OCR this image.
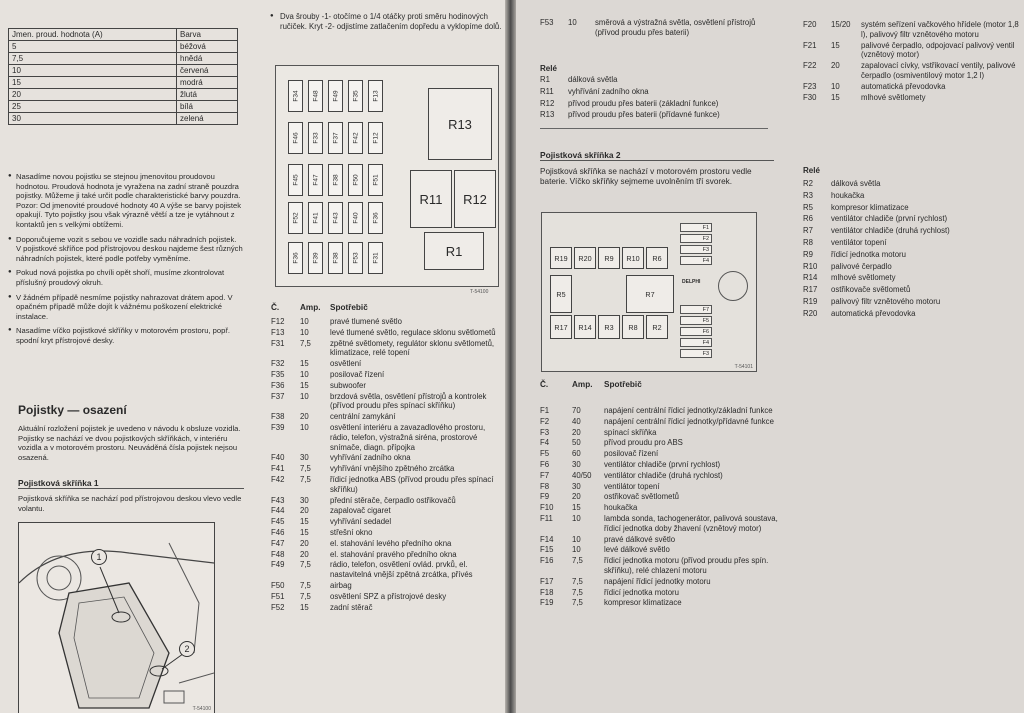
Jmen. proud. hodnota (A)	Barva
5	béžová
7,5	hnědá
10	červená
15	modrá
20	žlutá
25	bílá
30	zelená

● Nasadíme novou pojistku se stejnou jmenovitou proudovou hodnotou. Proudová hodnota je vyražena na zadní straně pouzdra pojistky. Můžeme ji také určit podle charakteristické barvy pouzdra. Pozor: Od jmenovité proudové hodnoty 40 A výše se barvy pojistek opakují. Tyto pojistky jsou však výrazně větší a tze je vytáhnout z kontaktů jen s velkými obtížemi.

● Doporučujeme vozit s sebou ve vozidle sadu náhradních pojistek. V pojistkové skříňce pod přístrojovou deskou najdeme šest různých náhradních pojistek, které podle potřeby vyměníme.

● Pokud nová pojistka po chvíli opět shoří, musíme zkontrolovat příslušný proudový okruh.

● V žádném případě nesmíme pojistky nahrazovat drátem apod. V opačném případě může dojít k vážnému poškození elektrické instalace.

● Nasadíme víčko pojistkové skříňky v motorovém prostoru, popř. spodní kryt přístrojové desky.

Pojistky — osazení
Aktuální rozložení pojistek je uvedeno v návodu k obsluze vozidla. Pojistky se nachází ve dvou pojistkových skříňkách, v interiéru vozidla a v motorovém prostoru. Neuváděná čísla pojistek nejsou osazená.
Pojistková skříňka 1
Pojistková skříňka se nachází pod přístrojovou deskou vlevo vedle volantu.
1
2
T-54100
● Dva šrouby -1- otočíme o 1/4 otáčky proti směru hodinových ručiček. Kryt -2- odjistíme zatlačením dopředu a vyklopíme dolů.
F34 F48 F49 F35 F13
F46 F33 F37 F42 F12
F45 F47 F38 F50 F51
F52 F41 F43 F40 F36
F36 F39 F38 F53 F31
R13
R11	R12
R1
T-54100
Č.	Amp. Spotřebič
F12 10	pravé tlumené světlo
F13 10	levé tlumené světlo, regulace sklonu světlometů
F31 7,5 zpětné světlomety, regulátor sklonu světlometů, klimatizace, relé topení
F32 15	osvětlení
F35 10	posilovač řízení
F36 15	subwoofer
F37 10	brzdová světla, osvětlení přístrojů a kontrolek (přívod proudu přes spínací skříňku)
F38 20	centrální zamykání
F39 10	osvětlení interiéru a zavazadlového prostoru, rádio, telefon, výstražná siréna, prostorové snímače, diagn. přípojka
F40 30	vyhřívání zadního okna
F41 7,5 vyhřívání vnějšího zpětného zrcátka
F42 7,5 řídicí jednotka ABS (přívod proudu přes spínací skříňku)
F43 30	přední stěrače, čerpadlo ostřikovačů
F44 20	zapalovač cigaret
F45 15	vyhřívání sedadel
F46 15	střešní okno
F47 20	el. stahování levého předního okna
F48 20	el. stahování pravého předního okna
F49 7,5 rádio, telefon, osvětlení ovlád. prvků, el. nastavitelná vnější zpětná zrcátka, přívés
F50 7,5 airbag
F51 7,5 osvětlení SPZ a přístrojové desky
F52 15	zadní stěrač
F53 10 směrová a výstražná světla, osvětlení přístrojů (přívod proudu přes baterii)
Relé
R1 dálková světla
R11 vyhřívání zadního okna
R12 přívod proudu přes baterii (základní funkce)
R13 přívod proudu přes baterii (přídavné funkce)
Pojistková skříňka 2
Pojistková skříňka se nachází v motorovém prostoru vedle baterie. Víčko skříňky sejmeme uvolněním tří svorek.
R19	R20	R9	R10	R6
R5	R7
R17	R14	R3	R8	R2
F1
F2
F3
F4
F7
F5
F6
F4
F3
DELPHI
T-54101
Č.	Amp. Spotřebič
F1	70	napájení centrální řídicí jednotky/základní funkce
F2	40	napájení centrální řídicí jednotky/přídavné funkce
F3	20	spínací skříňka
F4	50	přívod proudu pro ABS
F5	60	posilovač řízení
F6	30	ventilátor chladiče (první rychlost)
F7	40/50 ventilátor chladiče (druhá rychlost)
F8	30	ventilátor topení
F9	20	ostřikovač světlometů
F10 15	houkačka
F11 10	lambda sonda, tachogenerátor, palivová soustava, řídicí jednotka doby žhavení (vznětový motor)
F14 10	pravé dálkové světlo
F15 10	levé dálkové světlo
F16 7,5	řídicí jednotka motoru (přívod proudu přes spín. skříňku), relé chlazení motoru
F17 7,5	napájení řídicí jednotky motoru
F18 7,5	řídicí jednotka motoru
F19 7,5	kompresor klimatizace
F20 15/20 systém seřízení vačkového hřídele (motor 1,8 l), palivový filtr vznětového motoru
F21 15	palivové čerpadlo, odpojovací palivový ventil (vznětový motor)
F22 20	zapalovací cívky, vstřikovací ventily, palivové čerpadlo (osmiventilový motor 1,2 l)
F23 10	automatická převodovka
F30 15	mlhové světlomety
Relé
R2 dálková světla
R3 houkačka
R5 kompresor klimatizace
R6 ventilátor chladiče (první rychlost)
R7 ventilátor chladiče (druhá rychlost)
R8 ventilátor topení
R9 řídicí jednotka motoru
R10 palivové čerpadlo
R14 mlhové světlomety
R17 ostřikovače světlometů
R19 palivový filtr vznětového motoru
R20 automatická převodovka
